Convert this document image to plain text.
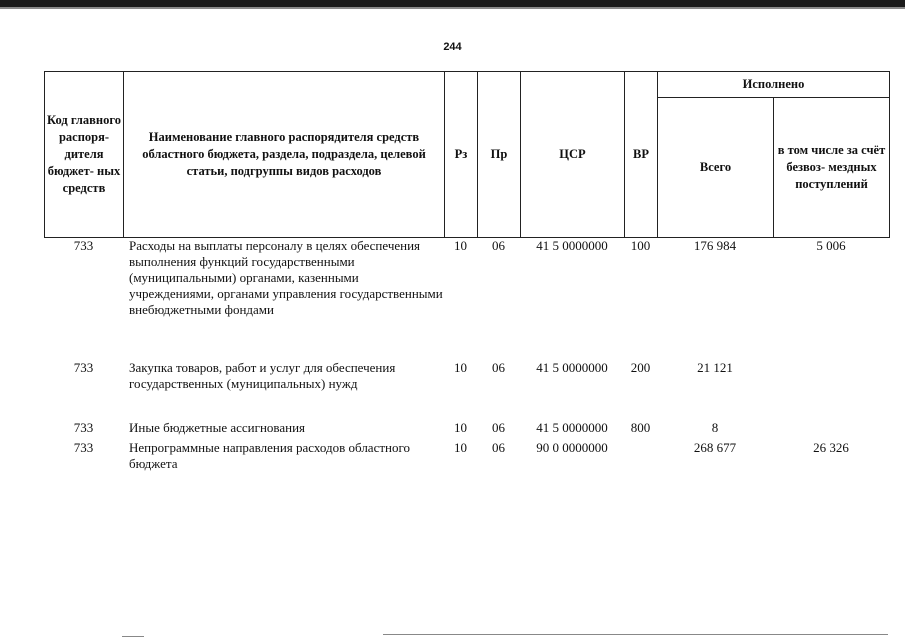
244
Код главного распоря- дителя бюджет- ных средств	Наименование главного распорядителя средств областного бюджета, раздела, подраздела, целевой статьи, подгруппы видов расходов	Рз	Пр	ЦСР	ВР	Исполнено	
						Всего	в том числе за счёт безвоз- мездных поступлений
733	Расходы на выплаты персоналу в целях обеспечения выполнения функций государственными (муниципальными) органами, казенными учреждениями, органами управления государственными внебюджетными фондами	10	06	41 5 0000000	100	176 984	5 006
733	Закупка товаров, работ и услуг для обеспечения государственных (муниципальных) нужд	10	06	41 5 0000000	200	21 121	
733	Иные бюджетные ассигнования	10	06	41 5 0000000	800	8	
733	Непрограммные направления расходов областного бюджета	10	06	90 0 0000000		268 677	26 326
